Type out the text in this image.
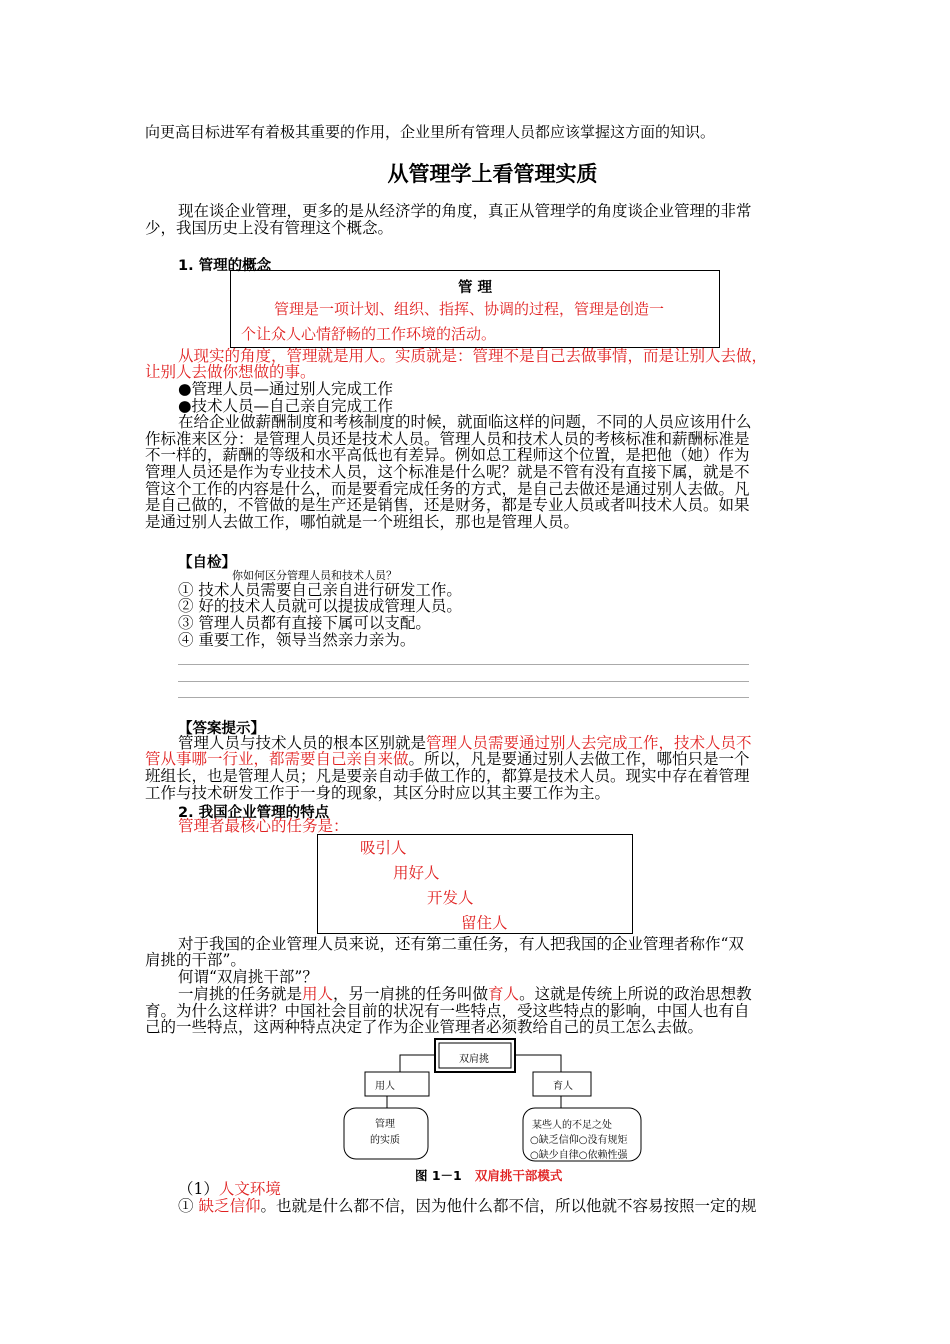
向更高目标进军有着极其重要的作用，企业里所有管理人员都应该掌握这方面的知识。
从管理学上看管理实质
现在谈企业管理，更多的是从经济学的角度，真正从管理学的角度谈企业管理的非常
少，我国历史上没有管理这个概念。
1. 管理的概念
管 理
管理是一项计划、组织、指挥、协调的过程，管理是创造一
个让众人心情舒畅的工作环境的活动。
从现实的角度，管理就是用人。实质就是：管理不是自己去做事情，而是让别人去做，
让别人去做你想做的事。
●管理人员—通过别人完成工作
●技术人员—自己亲自完成工作
在给企业做薪酬制度和考核制度的时候，就面临这样的问题，不同的人员应该用什么
作标准来区分：是管理人员还是技术人员。管理人员和技术人员的考核标准和薪酬标准是
不一样的，薪酬的等级和水平高低也有差异。例如总工程师这个位置，是把他（她）作为
管理人员还是作为专业技术人员，这个标准是什么呢？就是不管有没有直接下属，就是不
管这个工作的内容是什么，而是要看完成任务的方式，是自己去做还是通过别人去做。凡
是自己做的，不管做的是生产还是销售，还是财务，都是专业人员或者叫技术人员。如果
是通过别人去做工作，哪怕就是一个班组长，那也是管理人员。
【自检】
你如何区分管理人员和技术人员？
① 技术人员需要自己亲自进行研发工作。
② 好的技术人员就可以提拔成管理人员。
③ 管理人员都有直接下属可以支配。
④ 重要工作，领导当然亲力亲为。
【答案提示】
管理人员与技术人员的根本区别就是管理人员需要通过别人去完成工作，技术人员不
管从事哪一行业，都需要自己亲自来做。所以，凡是要通过别人去做工作，哪怕只是一个
班组长，也是管理人员；凡是要亲自动手做工作的，都算是技术人员。现实中存在着管理
工作与技术研发工作于一身的现象，其区分时应以其主要工作为主。
2. 我国企业管理的特点
管理者最核心的任务是：
吸引人
用好人
开发人
留住人
对于我国的企业管理人员来说，还有第二重任务，有人把我国的企业管理者称作“双
肩挑的干部”。
何谓“双肩挑干部”？
一肩挑的任务就是用人，另一肩挑的任务叫做育人。这就是传统上所说的政治思想教
育。为什么这样讲？中国社会目前的状况有一些特点，受这些特点的影响，中国人也有自
己的一些特点，这两种特点决定了作为企业管理者必须教给自己的员工怎么去做。
双肩挑
用人	育人
管理
的实质
某些人的不足之处
○缺乏信仰○没有规矩
○缺少自律○依赖性强
图 1－1 双肩挑干部模式
（1）人文环境
① 缺乏信仰。也就是什么都不信，因为他什么都不信，所以他就不容易按照一定的规
